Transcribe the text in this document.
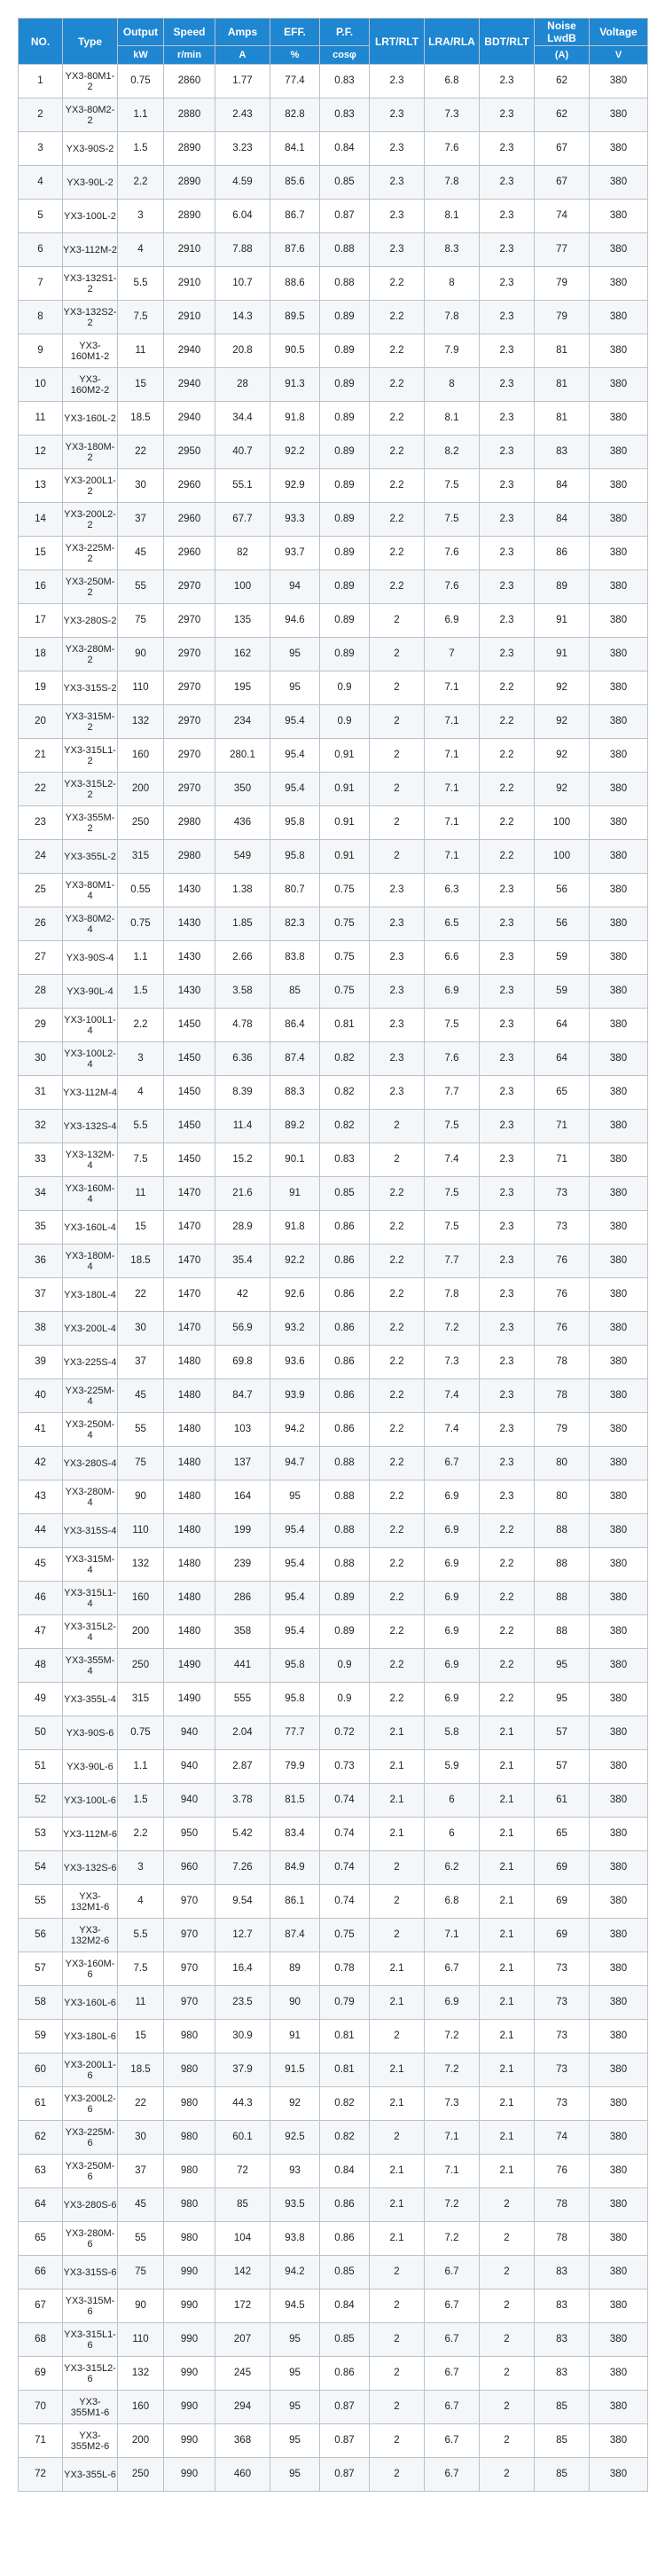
NO.	Type	Output	Speed	Amps	EFF.	P.F.	LRT/RLT	LRA/RLA	BDT/RLT	Noise LwdB	Voltage
		kW	r/min	A	%	cosφ				(A)	V
1	YX3-80M1-2	0.75	2860	1.77	77.4	0.83	2.3	6.8	2.3	62	380
2	YX3-80M2-2	1.1	2880	2.43	82.8	0.83	2.3	7.3	2.3	62	380
3	YX3-90S-2	1.5	2890	3.23	84.1	0.84	2.3	7.6	2.3	67	380
4	YX3-90L-2	2.2	2890	4.59	85.6	0.85	2.3	7.8	2.3	67	380
5	YX3-100L-2	3	2890	6.04	86.7	0.87	2.3	8.1	2.3	74	380
6	YX3-112M-2	4	2910	7.88	87.6	0.88	2.3	8.3	2.3	77	380
7	YX3-132S1-2	5.5	2910	10.7	88.6	0.88	2.2	8	2.3	79	380
8	YX3-132S2-2	7.5	2910	14.3	89.5	0.89	2.2	7.8	2.3	79	380
9	YX3-160M1-2	11	2940	20.8	90.5	0.89	2.2	7.9	2.3	81	380
10	YX3-160M2-2	15	2940	28	91.3	0.89	2.2	8	2.3	81	380
11	YX3-160L-2	18.5	2940	34.4	91.8	0.89	2.2	8.1	2.3	81	380
12	YX3-180M-2	22	2950	40.7	92.2	0.89	2.2	8.2	2.3	83	380
13	YX3-200L1-2	30	2960	55.1	92.9	0.89	2.2	7.5	2.3	84	380
14	YX3-200L2-2	37	2960	67.7	93.3	0.89	2.2	7.5	2.3	84	380
15	YX3-225M-2	45	2960	82	93.7	0.89	2.2	7.6	2.3	86	380
16	YX3-250M-2	55	2970	100	94	0.89	2.2	7.6	2.3	89	380
17	YX3-280S-2	75	2970	135	94.6	0.89	2	6.9	2.3	91	380
18	YX3-280M-2	90	2970	162	95	0.89	2	7	2.3	91	380
19	YX3-315S-2	110	2970	195	95	0.9	2	7.1	2.2	92	380
20	YX3-315M-2	132	2970	234	95.4	0.9	2	7.1	2.2	92	380
21	YX3-315L1-2	160	2970	280.1	95.4	0.91	2	7.1	2.2	92	380
22	YX3-315L2-2	200	2970	350	95.4	0.91	2	7.1	2.2	92	380
23	YX3-355M-2	250	2980	436	95.8	0.91	2	7.1	2.2	100	380
24	YX3-355L-2	315	2980	549	95.8	0.91	2	7.1	2.2	100	380
25	YX3-80M1-4	0.55	1430	1.38	80.7	0.75	2.3	6.3	2.3	56	380
26	YX3-80M2-4	0.75	1430	1.85	82.3	0.75	2.3	6.5	2.3	56	380
27	YX3-90S-4	1.1	1430	2.66	83.8	0.75	2.3	6.6	2.3	59	380
28	YX3-90L-4	1.5	1430	3.58	85	0.75	2.3	6.9	2.3	59	380
29	YX3-100L1-4	2.2	1450	4.78	86.4	0.81	2.3	7.5	2.3	64	380
30	YX3-100L2-4	3	1450	6.36	87.4	0.82	2.3	7.6	2.3	64	380
31	YX3-112M-4	4	1450	8.39	88.3	0.82	2.3	7.7	2.3	65	380
32	YX3-132S-4	5.5	1450	11.4	89.2	0.82	2	7.5	2.3	71	380
33	YX3-132M-4	7.5	1450	15.2	90.1	0.83	2	7.4	2.3	71	380
34	YX3-160M-4	11	1470	21.6	91	0.85	2.2	7.5	2.3	73	380
35	YX3-160L-4	15	1470	28.9	91.8	0.86	2.2	7.5	2.3	73	380
36	YX3-180M-4	18.5	1470	35.4	92.2	0.86	2.2	7.7	2.3	76	380
37	YX3-180L-4	22	1470	42	92.6	0.86	2.2	7.8	2.3	76	380
38	YX3-200L-4	30	1470	56.9	93.2	0.86	2.2	7.2	2.3	76	380
39	YX3-225S-4	37	1480	69.8	93.6	0.86	2.2	7.3	2.3	78	380
40	YX3-225M-4	45	1480	84.7	93.9	0.86	2.2	7.4	2.3	78	380
41	YX3-250M-4	55	1480	103	94.2	0.86	2.2	7.4	2.3	79	380
42	YX3-280S-4	75	1480	137	94.7	0.88	2.2	6.7	2.3	80	380
43	YX3-280M-4	90	1480	164	95	0.88	2.2	6.9	2.3	80	380
44	YX3-315S-4	110	1480	199	95.4	0.88	2.2	6.9	2.2	88	380
45	YX3-315M-4	132	1480	239	95.4	0.88	2.2	6.9	2.2	88	380
46	YX3-315L1-4	160	1480	286	95.4	0.89	2.2	6.9	2.2	88	380
47	YX3-315L2-4	200	1480	358	95.4	0.89	2.2	6.9	2.2	88	380
48	YX3-355M-4	250	1490	441	95.8	0.9	2.2	6.9	2.2	95	380
49	YX3-355L-4	315	1490	555	95.8	0.9	2.2	6.9	2.2	95	380
50	YX3-90S-6	0.75	940	2.04	77.7	0.72	2.1	5.8	2.1	57	380
51	YX3-90L-6	1.1	940	2.87	79.9	0.73	2.1	5.9	2.1	57	380
52	YX3-100L-6	1.5	940	3.78	81.5	0.74	2.1	6	2.1	61	380
53	YX3-112M-6	2.2	950	5.42	83.4	0.74	2.1	6	2.1	65	380
54	YX3-132S-6	3	960	7.26	84.9	0.74	2	6.2	2.1	69	380
55	YX3-132M1-6	4	970	9.54	86.1	0.74	2	6.8	2.1	69	380
56	YX3-132M2-6	5.5	970	12.7	87.4	0.75	2	7.1	2.1	69	380
57	YX3-160M-6	7.5	970	16.4	89	0.78	2.1	6.7	2.1	73	380
58	YX3-160L-6	11	970	23.5	90	0.79	2.1	6.9	2.1	73	380
59	YX3-180L-6	15	980	30.9	91	0.81	2	7.2	2.1	73	380
60	YX3-200L1-6	18.5	980	37.9	91.5	0.81	2.1	7.2	2.1	73	380
61	YX3-200L2-6	22	980	44.3	92	0.82	2.1	7.3	2.1	73	380
62	YX3-225M-6	30	980	60.1	92.5	0.82	2	7.1	2.1	74	380
63	YX3-250M-6	37	980	72	93	0.84	2.1	7.1	2.1	76	380
64	YX3-280S-6	45	980	85	93.5	0.86	2.1	7.2	2	78	380
65	YX3-280M-6	55	980	104	93.8	0.86	2.1	7.2	2	78	380
66	YX3-315S-6	75	990	142	94.2	0.85	2	6.7	2	83	380
67	YX3-315M-6	90	990	172	94.5	0.84	2	6.7	2	83	380
68	YX3-315L1-6	110	990	207	95	0.85	2	6.7	2	83	380
69	YX3-315L2-6	132	990	245	95	0.86	2	6.7	2	83	380
70	YX3-355M1-6	160	990	294	95	0.87	2	6.7	2	85	380
71	YX3-355M2-6	200	990	368	95	0.87	2	6.7	2	85	380
72	YX3-355L-6	250	990	460	95	0.87	2	6.7	2	85	380
